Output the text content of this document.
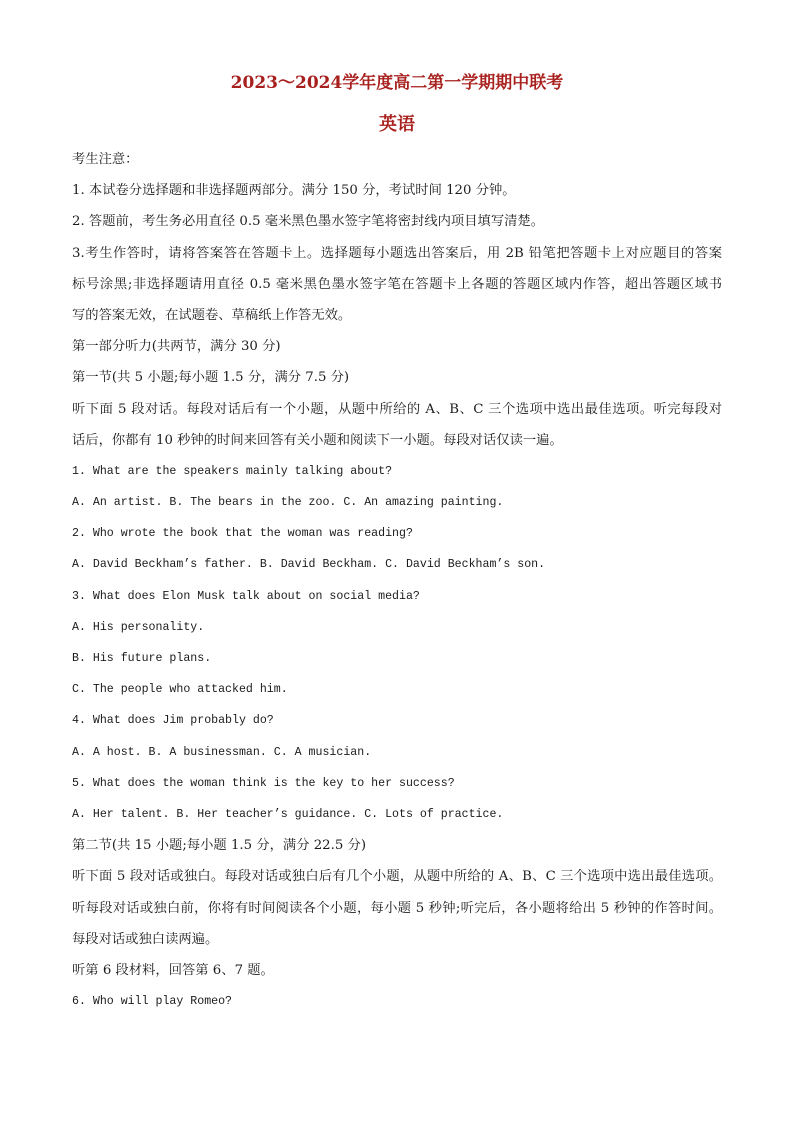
2023～2024学年度高二第一学期期中联考
英语
考生注意：
1. 本试卷分选择题和非选择题两部分。满分 150 分，考试时间 120 分钟。
2. 答题前，考生务必用直径 0.5 毫米黑色墨水签字笔将密封线内项目填写清楚。
3.考生作答时，请将答案答在答题卡上。选择题每小题选出答案后，用 2B 铅笔把答题卡上对应题目的答案
标号涂黑;非选择题请用直径 0.5 毫米黑色墨水签字笔在答题卡上各题的答题区域内作答，超出答题区域书
写的答案无效，在试题卷、草稿纸上作答无效。
第一部分听力(共两节，满分 30 分)
第一节(共 5 小题;每小题 1.5 分，满分 7.5 分)
听下面 5 段对话。每段对话后有一个小题，从题中所给的 A、B、C 三个选项中选出最佳选项。听完每段对
话后，你都有 10 秒钟的时间来回答有关小题和阅读下一小题。每段对话仅读一遍。
1. What are the speakers mainly talking about?
A. An artist. B. The bears in the zoo. C. An amazing painting.
2. Who wrote the book that the woman was reading?
A. David Beckham’s father. B. David Beckham. C. David Beckham’s son.
3. What does Elon Musk talk about on social media?
A. His personality.
B. His future plans.
C. The people who attacked him.
4. What does Jim probably do?
A. A host. B. A businessman. C. A musician.
5. What does the woman think is the key to her success?
A. Her talent. B. Her teacher’s guidance. C. Lots of practice.
第二节(共 15 小题;每小题 1.5 分，满分 22.5 分)
听下面 5 段对话或独白。每段对话或独白后有几个小题，从题中所给的 A、B、C 三个选项中选出最佳选项。
听每段对话或独白前，你将有时间阅读各个小题，每小题 5 秒钟;听完后，各小题将给出 5 秒钟的作答时间。
每段对话或独白读两遍。
听第 6 段材料，回答第 6、7 题。
6. Who will play Romeo?
